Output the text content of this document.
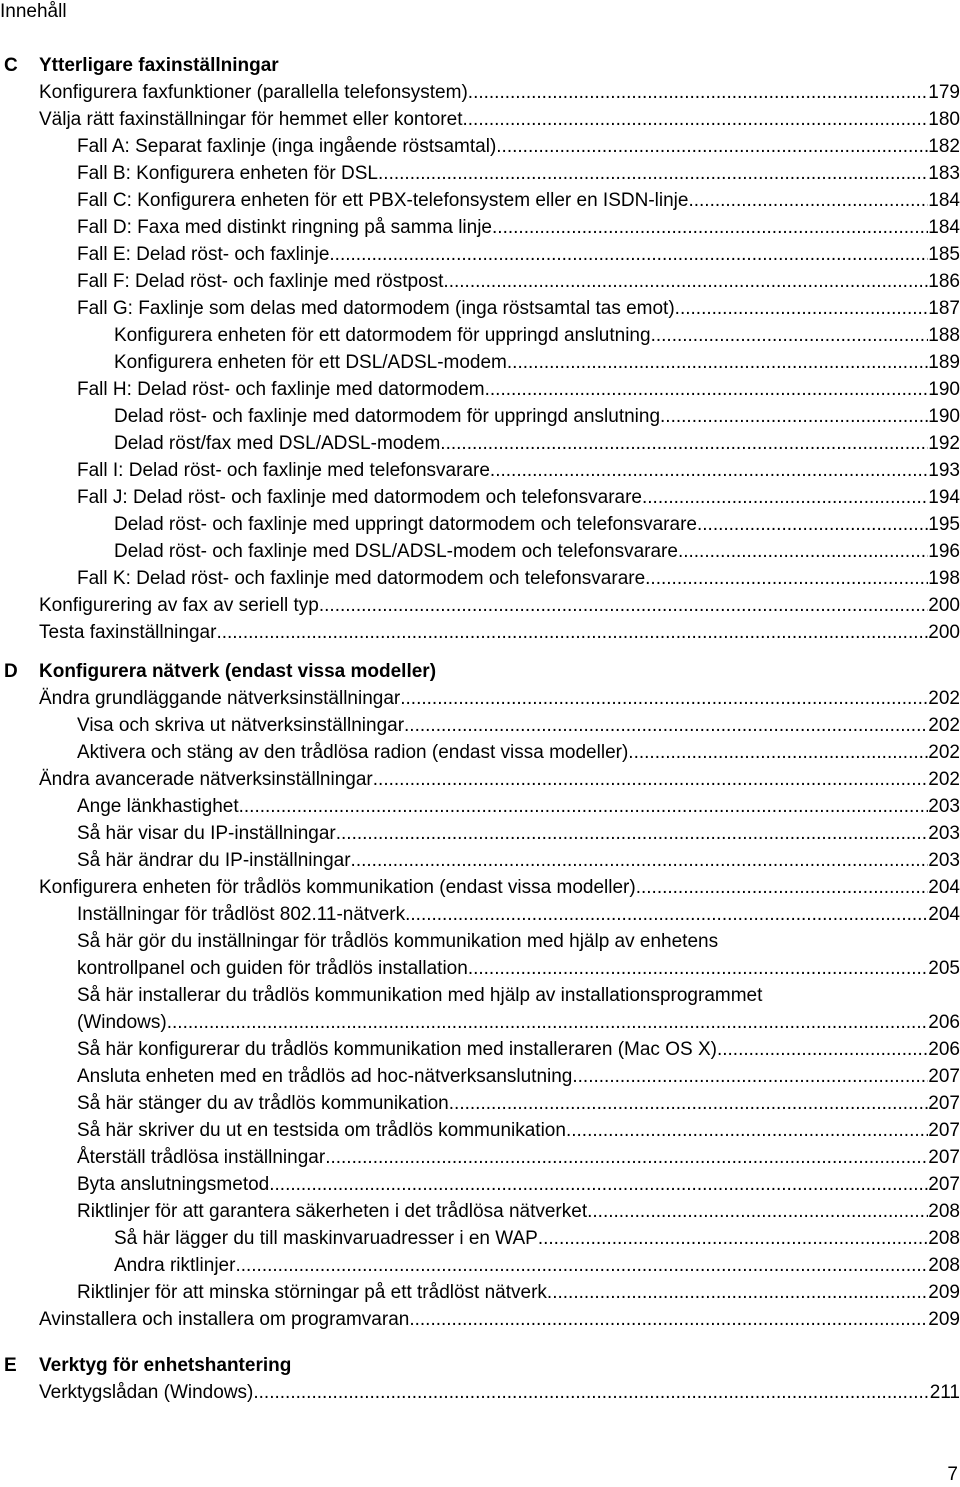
Innehåll
C Ytterligare faxinställningar
Konfigurera faxfunktioner (parallella telefonsystem). .....	179
Välja rätt faxinställningar för hemmet eller kontoret .....	180
Fall A: Separat faxlinje (inga ingående röstsamtal) .....	182
Fall B: Konfigurera enheten för DSL .....	183
Fall C: Konfigurera enheten för ett PBX-telefonsystem eller en ISDN-linje .....	184
Fall D: Faxa med distinkt ringning på samma linje .....	184
Fall E: Delad röst- och faxlinje .....	185
Fall F: Delad röst- och faxlinje med röstpost .....	186
Fall G: Faxlinje som delas med datormodem (inga röstsamtal tas emot) .....	187
Konfigurera enheten för ett datormodem för uppringd anslutning .....	188
Konfigurera enheten för ett DSL/ADSL-modem .....	189
Fall H: Delad röst- och faxlinje med datormodem .....	190
Delad röst- och faxlinje med datormodem för uppringd anslutning .....	190
Delad röst/fax med DSL/ADSL-modem .....	192
Fall I: Delad röst- och faxlinje med telefonsvarare .....	193
Fall J: Delad röst- och faxlinje med datormodem och telefonsvarare .....	194
Delad röst- och faxlinje med uppringt datormodem och telefonsvarare .....	195
Delad röst- och faxlinje med DSL/ADSL-modem och telefonsvarare .....	196
Fall K: Delad röst- och faxlinje med datormodem och telefonsvarare .....	198
Konfigurering av fax av seriell typ .....	200
Testa faxinställningar .....	200
D Konfigurera nätverk (endast vissa modeller)
Ändra grundläggande nätverksinställningar .....	202
Visa och skriva ut nätverksinställningar .....	202
Aktivera och stäng av den trådlösa radion (endast vissa modeller) .....	202
Ändra avancerade nätverksinställningar .....	202
Ange länkhastighet .....	203
Så här visar du IP-inställningar .....	203
Så här ändrar du IP-inställningar .....	203
Konfigurera enheten för trådlös kommunikation (endast vissa modeller) .....	204
Inställningar för trådlöst 802.11-nätverk .....	204
Så här gör du inställningar för trådlös kommunikation med hjälp av enhetens
kontrollpanel och guiden för trådlös installation .....	205
Så här installerar du trådlös kommunikation med hjälp av installationsprogrammet
(Windows) .....	206
Så här konfigurerar du trådlös kommunikation med installeraren (Mac OS X) .....	206
Ansluta enheten med en trådlös ad hoc-nätverksanslutning .....	207
Så här stänger du av trådlös kommunikation .....	207
Så här skriver du ut en testsida om trådlös kommunikation .....	207
Återställ trådlösa inställningar .....	207
Byta anslutningsmetod .....	207
Riktlinjer för att garantera säkerheten i det trådlösa nätverket .....	208
Så här lägger du till maskinvaruadresser i en WAP .....	208
Andra riktlinjer .....	208
Riktlinjer för att minska störningar på ett trådlöst nätverk .....	209
Avinstallera och installera om programvaran .....	209
E Verktyg för enhetshantering
Verktygslådan (Windows) .....	211
7
